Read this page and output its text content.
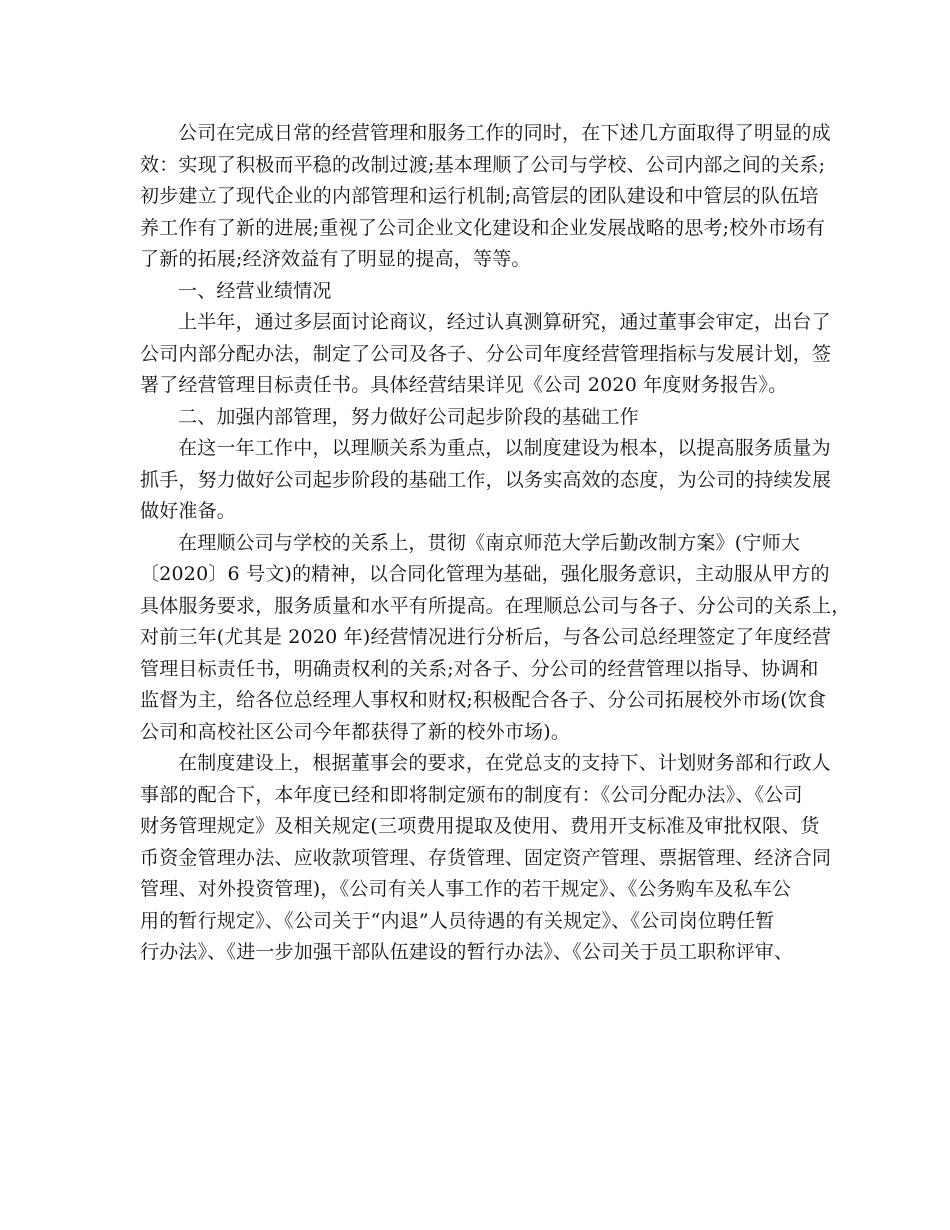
公司在完成日常的经营管理和服务工作的同时，在下述几方面取得了明显的成
效：实现了积极而平稳的改制过渡;基本理顺了公司与学校、公司内部之间的关系;
初步建立了现代企业的内部管理和运行机制;高管层的团队建设和中管层的队伍培
养工作有了新的进展;重视了公司企业文化建设和企业发展战略的思考;校外市场有
了新的拓展;经济效益有了明显的提高，等等。
一、经营业绩情况
上半年，通过多层面讨论商议，经过认真测算研究，通过董事会审定，出台了
公司内部分配办法，制定了公司及各子、分公司年度经营管理指标与发展计划，签
署了经营管理目标责任书。具体经营结果详见《公司 2020 年度财务报告》。
二、加强内部管理，努力做好公司起步阶段的基础工作
在这一年工作中，以理顺关系为重点，以制度建设为根本，以提高服务质量为
抓手，努力做好公司起步阶段的基础工作，以务实高效的态度，为公司的持续发展
做好准备。
在理顺公司与学校的关系上，贯彻《南京师范大学后勤改制方案》(宁师大
〔2020〕6 号文)的精神，以合同化管理为基础，强化服务意识，主动服从甲方的
具体服务要求，服务质量和水平有所提高。在理顺总公司与各子、分公司的关系上，
对前三年(尤其是 2020 年)经营情况进行分析后，与各公司总经理签定了年度经营
管理目标责任书，明确责权利的关系;对各子、分公司的经营管理以指导、协调和
监督为主，给各位总经理人事权和财权;积极配合各子、分公司拓展校外市场(饮食
公司和高校社区公司今年都获得了新的校外市场)。
在制度建设上，根据董事会的要求，在党总支的支持下、计划财务部和行政人
事部的配合下，本年度已经和即将制定颁布的制度有：《公司分配办法》、《公司
财务管理规定》及相关规定(三项费用提取及使用、费用开支标准及审批权限、货
币资金管理办法、应收款项管理、存货管理、固定资产管理、票据管理、经济合同
管理、对外投资管理)，《公司有关人事工作的若干规定》、《公务购车及私车公
用的暂行规定》、《公司关于“内退”人员待遇的有关规定》、《公司岗位聘任暂
行办法》、《进一步加强干部队伍建设的暂行办法》、《公司关于员工职称评审、
